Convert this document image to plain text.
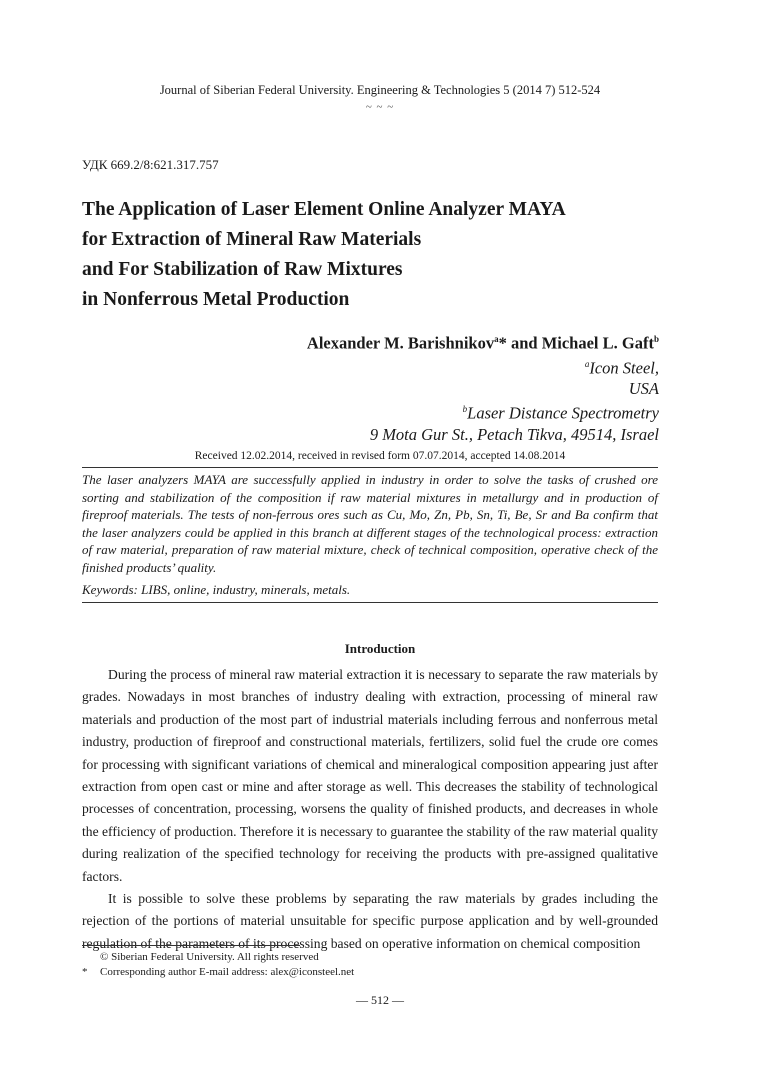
Journal of Siberian Federal University. Engineering & Technologies 5 (2014 7) 512-524
~ ~ ~
УДК 669.2/8:621.317.757
The Application of Laser Element Online Analyzer MAYA
for Extraction of Mineral Raw Materials
and For Stabilization of Raw Mixtures
in Nonferrous Metal Production
Alexander M. Barishnikov$^a$* and Michael L. Gaft$^b$
$^a$Icon Steel,
USA
$^b$Laser Distance Spectrometry
9 Mota Gur St., Petach Tikva, 49514, Israel
Received 12.02.2014, received in revised form 07.07.2014, accepted 14.08.2014
The laser analyzers MAYA are successfully applied in industry in order to solve the tasks of crushed ore sorting and stabilization of the composition if raw material mixtures in metallurgy and in production of fireproof materials. The tests of non-ferrous ores such as Cu, Mo, Zn, Pb, Sn, Ti, Be, Sr and Ba confirm that the laser analyzers could be applied in this branch at different stages of the technological process: extraction of raw material, preparation of raw material mixture, check of technical composition, operative check of the finished products’ quality.
Keywords: LIBS, online, industry, minerals, metals.
Introduction

During the process of mineral raw material extraction it is necessary to separate the raw materials by grades. Nowadays in most branches of industry dealing with extraction, processing of mineral raw materials and production of the most part of industrial materials including ferrous and nonferrous metal industry, production of fireproof and constructional materials, fertilizers, solid fuel the crude ore comes for processing with significant variations of chemical and mineralogical composition appearing just after extraction from open cast or mine and after storage as well. This decreases the stability of technological processes of concentration, processing, worsens the quality of finished products, and decreases in whole the efficiency of production. Therefore it is necessary to guarantee the stability of the raw material quality during realization of the specified technology for receiving the products with pre-assigned qualitative factors.

It is possible to solve these problems by separating the raw materials by grades including the rejection of the portions of material unsuitable for specific purpose application and by well-grounded regulation of the parameters of its processing based on operative information on chemical composition

© Siberian Federal University. All rights reserved
*	Corresponding author E-mail address: alex@iconsteel.net
— 512 —
